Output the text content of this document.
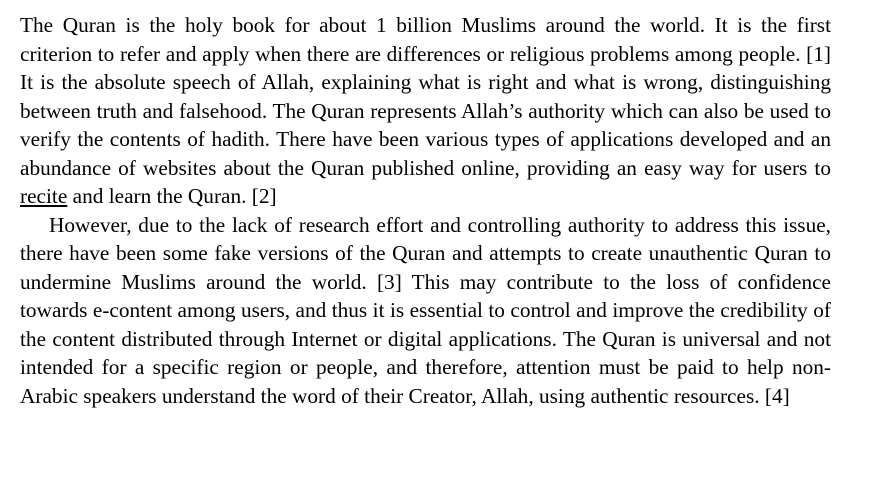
The Quran is the holy book for about 1 billion Muslims around the world. It is the first criterion to refer and apply when there are differences or religious problems among people. [1] It is the absolute speech of Allah, explaining what is right and what is wrong, distinguishing between truth and falsehood. The Quran represents Allah’s authority which can also be used to verify the contents of hadith. There have been various types of applications developed and an abundance of websites about the Quran published online, providing an easy way for users to recite and learn the Quran. [2]

However, due to the lack of research effort and controlling authority to address this issue, there have been some fake versions of the Quran and attempts to create unauthentic Quran to undermine Muslims around the world. [3] This may contribute to the loss of confidence towards e-content among users, and thus it is essential to control and improve the credibility of the content distributed through Internet or digital applications. The Quran is universal and not intended for a specific region or people, and therefore, attention must be paid to help non-Arabic speakers understand the word of their Creator, Allah, using authentic resources. [4]
